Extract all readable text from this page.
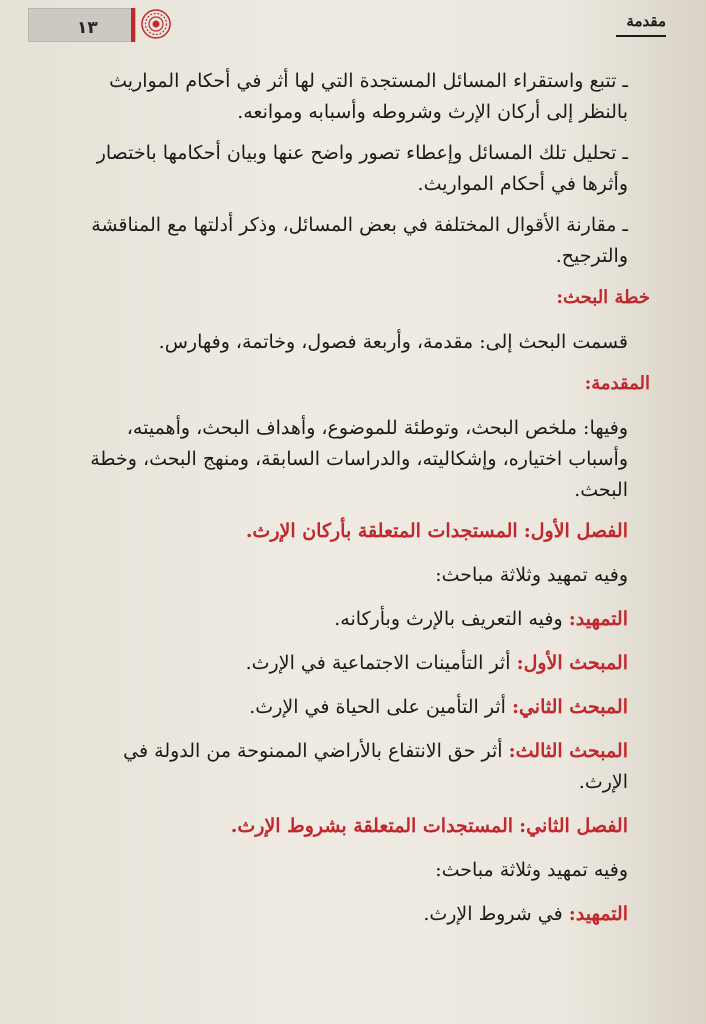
١٣	مقدمة

ـ تتبع واستقراء المسائل المستجدة التي لها أثر في أحكام المواريث بالنظر إلى أركان الإرث وشروطه وأسبابه وموانعه.

ـ تحليل تلك المسائل وإعطاء تصور واضح عنها وبيان أحكامها باختصار وأثرها في أحكام المواريث.

ـ مقارنة الأقوال المختلفة في بعض المسائل، وذكر أدلتها مع المناقشة والترجيح.

خطة البحث:

قسمت البحث إلى: مقدمة، وأربعة فصول، وخاتمة، وفهارس.

المقدمة:

وفيها: ملخص البحث، وتوطئة للموضوع، وأهداف البحث، وأهميته، وأسباب اختياره، وإشكاليته، والدراسات السابقة، ومنهج البحث، وخطة البحث.

الفصل الأول: المستجدات المتعلقة بأركان الإرث.

وفيه تمهيد وثلاثة مباحث:

التمهيد: وفيه التعريف بالإرث وبأركانه.

المبحث الأول: أثر التأمينات الاجتماعية في الإرث.

المبحث الثاني: أثر التأمين على الحياة في الإرث.

المبحث الثالث: أثر حق الانتفاع بالأراضي الممنوحة من الدولة في الإرث.

الفصل الثاني: المستجدات المتعلقة بشروط الإرث.

وفيه تمهيد وثلاثة مباحث:

التمهيد: في شروط الإرث.
